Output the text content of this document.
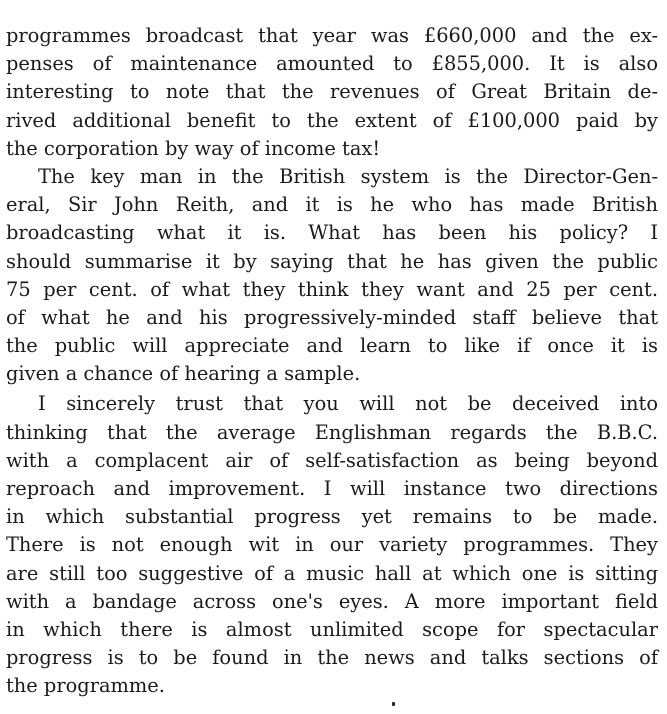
programmes broadcast that year was £660,000 and the ex-
penses of maintenance amounted to £855,000. It is also
interesting to note that the revenues of Great Britain de-
rived additional benefit to the extent of £100,000 paid by
the corporation by way of income tax!

The key man in the British system is the Director-Gen-
eral, Sir John Reith, and it is he who has made British
broadcasting what it is. What has been his policy? I
should summarise it by saying that he has given the public
75 per cent. of what they think they want and 25 per cent.
of what he and his progressively-minded staff believe that
the public will appreciate and learn to like if once it is
given a chance of hearing a sample.

I sincerely trust that you will not be deceived into
thinking that the average Englishman regards the B.B.C.
with a complacent air of self-satisfaction as being beyond
reproach and improvement. I will instance two directions
in which substantial progress yet remains to be made.
There is not enough wit in our variety programmes. They
are still too suggestive of a music hall at which one is sitting
with a bandage across one's eyes. A more important field
in which there is almost unlimited scope for spectacular
progress is to be found in the news and talks sections of
the programme.
